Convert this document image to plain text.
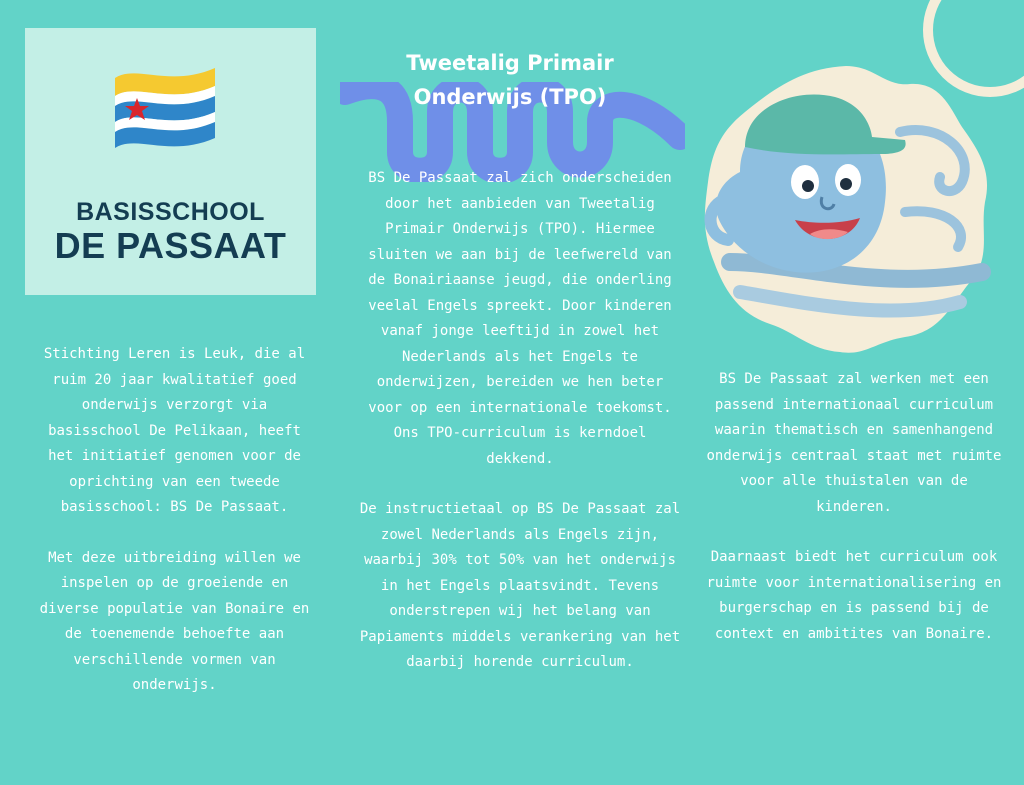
BASISSCHOOL
DE PASSAAT
Tweetalig Primair
Onderwijs (TPO)

Stichting Leren is Leuk, die al ruim 20 jaar kwalitatief goed onderwijs verzorgt via basisschool De Pelikaan, heeft het initiatief genomen voor de oprichting van een tweede basisschool: BS De Passaat.

Met deze uitbreiding willen we inspelen op de groeiende en diverse populatie van Bonaire en de toenemende behoefte aan verschillende vormen van onderwijs.

BS De Passaat zal zich onderscheiden door het aanbieden van Tweetalig Primair Onderwijs (TPO). Hiermee sluiten we aan bij de leefwereld van de Bonairiaanse jeugd, die onderling veelal Engels spreekt. Door kinderen vanaf jonge leeftijd in zowel het Nederlands als het Engels te onderwijzen, bereiden we hen beter voor op een internationale toekomst. Ons TPO-curriculum is kerndoel dekkend.

De instructietaal op BS De Passaat zal zowel Nederlands als Engels zijn, waarbij 30% tot 50% van het onderwijs in het Engels plaatsvindt. Tevens onderstrepen wij het belang van Papiaments middels verankering van het daarbij horende curriculum.

BS De Passaat zal werken met een passend internationaal curriculum waarin thematisch en samenhangend onderwijs centraal staat met ruimte voor alle thuistalen van de kinderen.

Daarnaast biedt het curriculum ook ruimte voor internationalisering en burgerschap en is passend bij de context en ambitites van Bonaire.
